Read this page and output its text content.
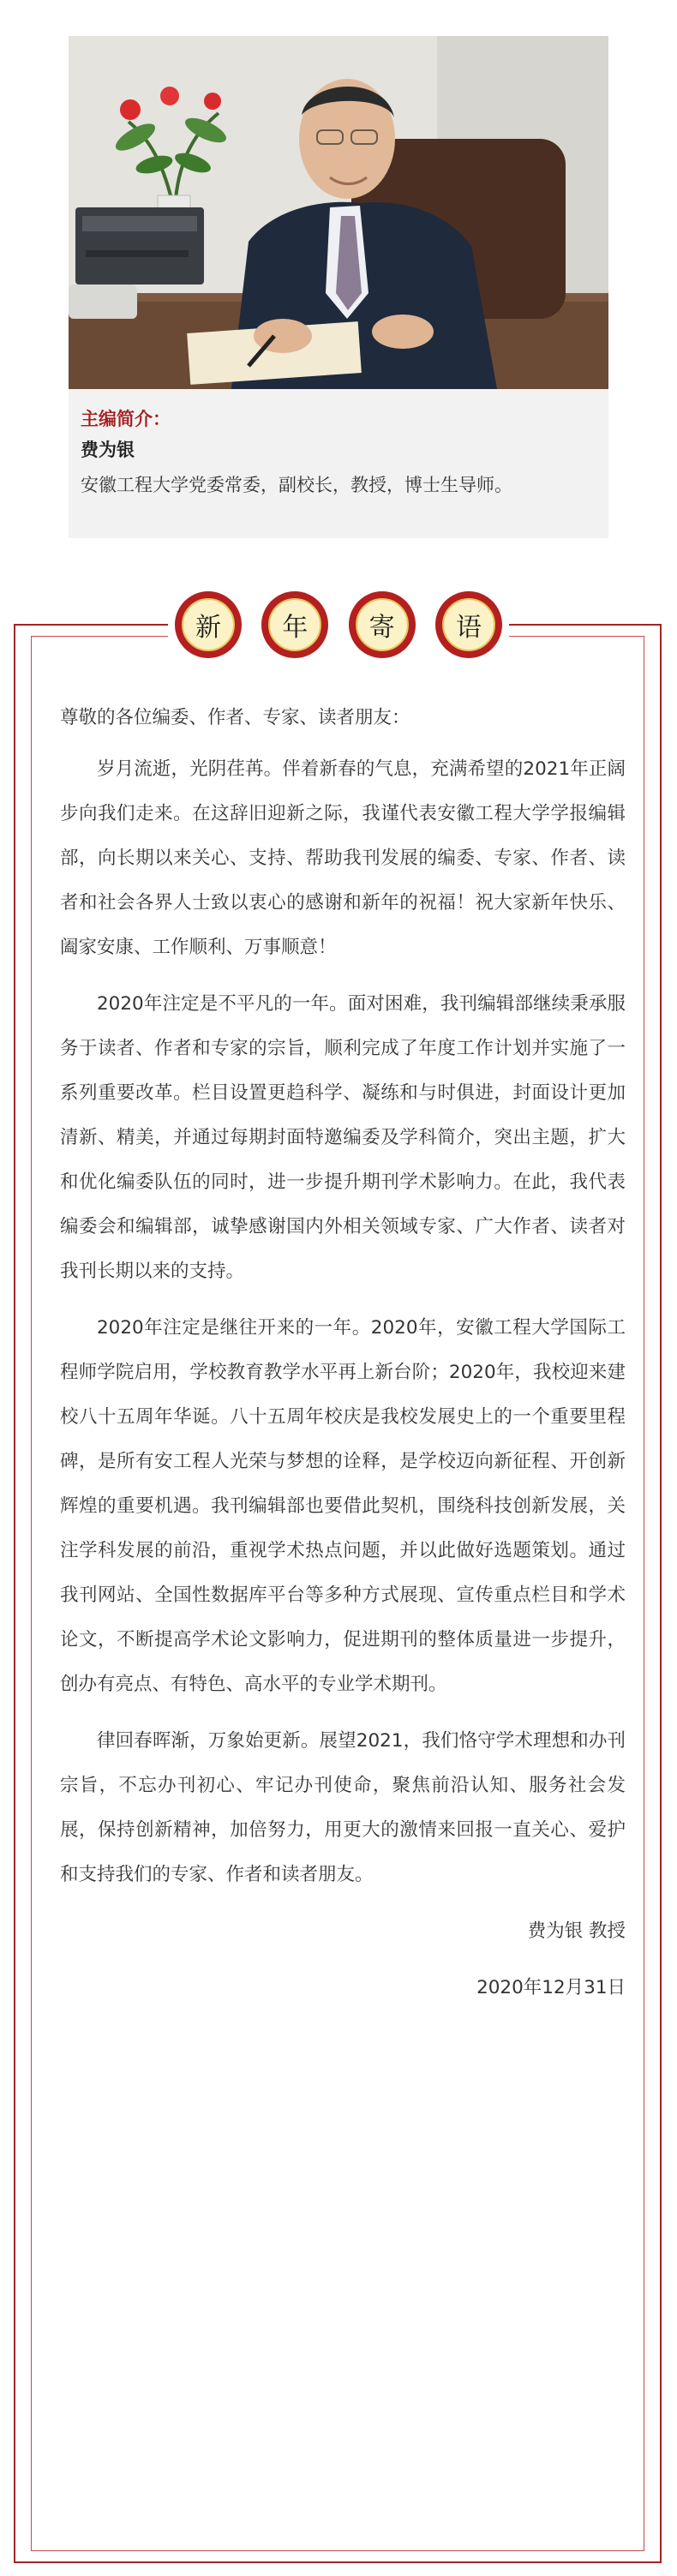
主编简介：
费为银
安徽工程大学党委常委，副校长，教授，博士生导师。
新	年	寄	语

尊敬的各位编委、作者、专家、读者朋友：

岁月流逝，光阴荏苒。伴着新春的气息，充满希望的2021年正阔步向我们走来。在这辞旧迎新之际，我谨代表安徽工程大学学报编辑部，向长期以来关心、支持、帮助我刊发展的编委、专家、作者、读者和社会各界人士致以衷心的感谢和新年的祝福！祝大家新年快乐、阖家安康、工作顺利、万事顺意！

2020年注定是不平凡的一年。面对困难，我刊编辑部继续秉承服务于读者、作者和专家的宗旨，顺利完成了年度工作计划并实施了一系列重要改革。栏目设置更趋科学、凝练和与时俱进，封面设计更加清新、精美，并通过每期封面特邀编委及学科简介，突出主题，扩大和优化编委队伍的同时，进一步提升期刊学术影响力。在此，我代表编委会和编辑部，诚挚感谢国内外相关领域专家、广大作者、读者对我刊长期以来的支持。

2020年注定是继往开来的一年。2020年，安徽工程大学国际工程师学院启用，学校教育教学水平再上新台阶；2020年，我校迎来建校八十五周年华诞。八十五周年校庆是我校发展史上的一个重要里程碑，是所有安工程人光荣与梦想的诠释，是学校迈向新征程、开创新辉煌的重要机遇。我刊编辑部也要借此契机，围绕科技创新发展，关注学科发展的前沿，重视学术热点问题，并以此做好选题策划。通过我刊网站、全国性数据库平台等多种方式展现、宣传重点栏目和学术论文，不断提高学术论文影响力，促进期刊的整体质量进一步提升，创办有亮点、有特色、高水平的专业学术期刊。

律回春晖渐，万象始更新。展望2021，我们恪守学术理想和办刊宗旨，不忘办刊初心、牢记办刊使命，聚焦前沿认知、服务社会发展，保持创新精神，加倍努力，用更大的激情来回报一直关心、爱护和支持我们的专家、作者和读者朋友。

费为银 教授

2020年12月31日
